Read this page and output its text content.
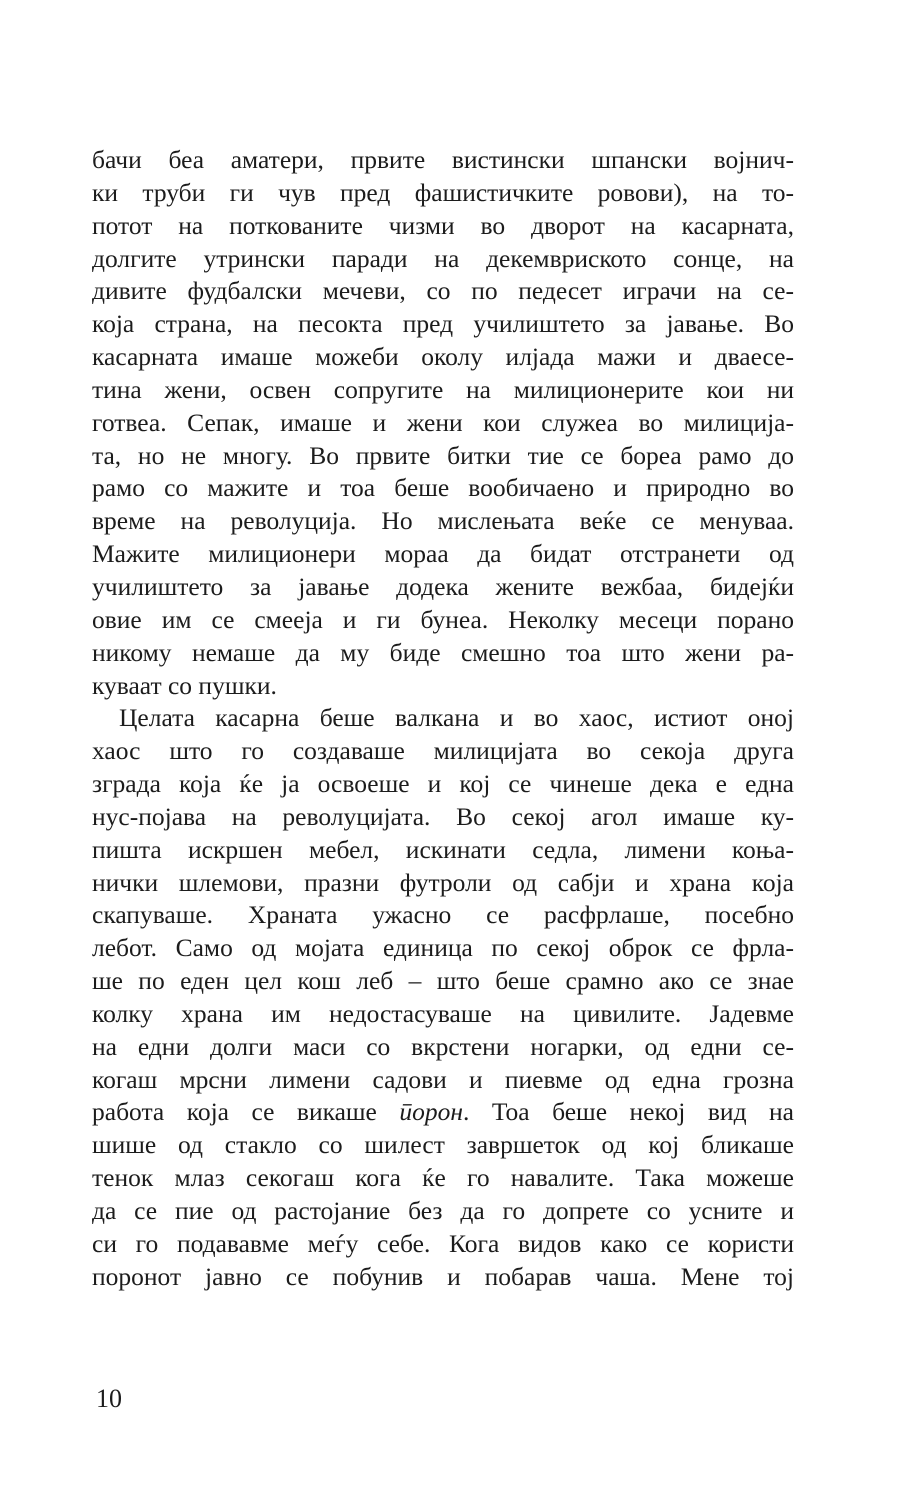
бачи беа аматери, првите вистински шпански војнич-
ки труби ги чув пред фашистичките ровови), на то-
потот на поткованите чизми во дворот на касарната,
долгите утрински паради на декемвриското сонце, на
дивите фудбалски мечеви, со по педесет играчи на се-
која страна, на песокта пред училиштето за јавање. Во
касарната имаше можеби околу илјада мажи и дваесе-
тина жени, освен сопругите на милиционерите кои ни
готвеа. Сепак, имаше и жени кои служеа во милиција-
та, но не многу. Во првите битки тие се бореа рамо до
рамо со мажите и тоа беше вообичаено и природно во
време на револуција. Но мислењата веќе се менуваа.
Мажите милиционери мораа да бидат отстранети од
училиштето за јавање додека жените вежбаа, бидејќи
овие им се смееја и ги бунеа. Неколку месеци порано
никому немаше да му биде смешно тоа што жени ра-
куваат со пушки.
Целата касарна беше валкана и во хаос, истиот оној
хаос што го создаваше милицијата во секоја друга
зграда која ќе ја освоеше и кој се чинеше дека е една
нус-појава на револуцијата. Во секој агол имаше ку-
пишта искршен мебел, искинати седла, лимени коња-
нички шлемови, празни футроли од сабји и храна која
скапуваше. Храната ужасно се расфрлаше, посебно
лебот. Само од мојата единица по секој оброк се фрла-
ше по еден цел кош леб – што беше срамно ако се знае
колку храна им недостасуваше на цивилите. Јадевме
на едни долги маси со вкрстени ногарки, од едни се-
когаш мрсни лимени садови и пиевме од една грозна
работа која се викаше порон. Тоа беше некој вид на
шише од стакло со шилест завршеток од кој бликаше
тенок млаз секогаш кога ќе го навалите. Така можеше
да се пие од растојание без да го допрете со усните и
си го подававме меѓу себе. Кога видов како се користи
поронот јавно се побунив и побарав чаша. Мене тој
10
